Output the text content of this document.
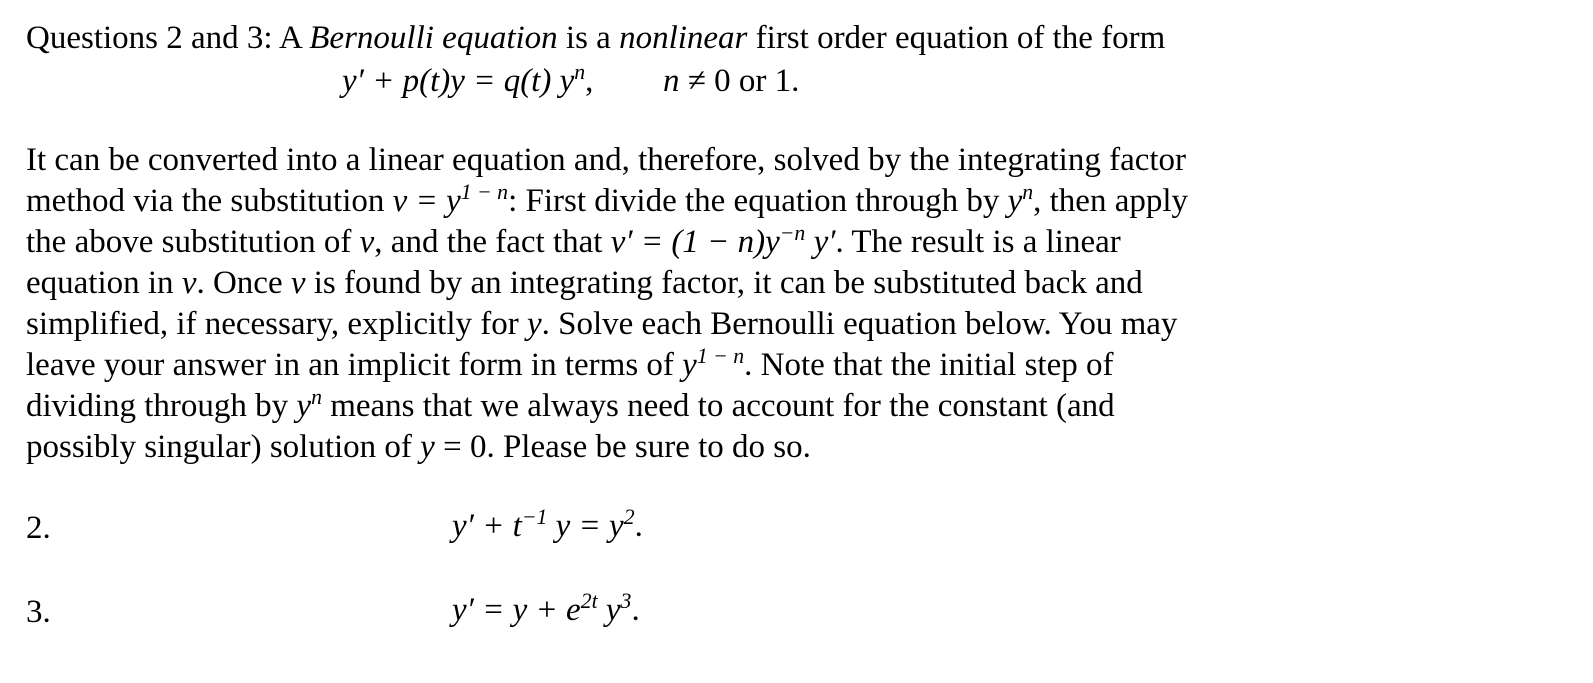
Questions 2 and 3: A Bernoulli equation is a nonlinear first order equation of the form
y′ + p(t)y = q(t) $y^n$, n ≠ 0 or 1.
It can be converted into a linear equation and, therefore, solved by the integrating factor
method via the substitution $v = y^{1 - n}$: First divide the equation through by $y^n$, then apply
the above substitution of v, and the fact that $v' = (1 - n)y^{-n}$ y′. The result is a linear
equation in v. Once v is found by an integrating factor, it can be substituted back and
simplified, if necessary, explicitly for y. Solve each Bernoulli equation below. You may
leave your answer in an implicit form in terms of $y^{1 - n}$. Note that the initial step of
dividing through by $y^n$ means that we always need to account for the constant (and
possibly singular) solution of y = 0. Please be sure to do so.
2.	$y' + t^{-1}$ $y = y^2$.
3.	$y' = y + e^{2t}$ $y^3$.
